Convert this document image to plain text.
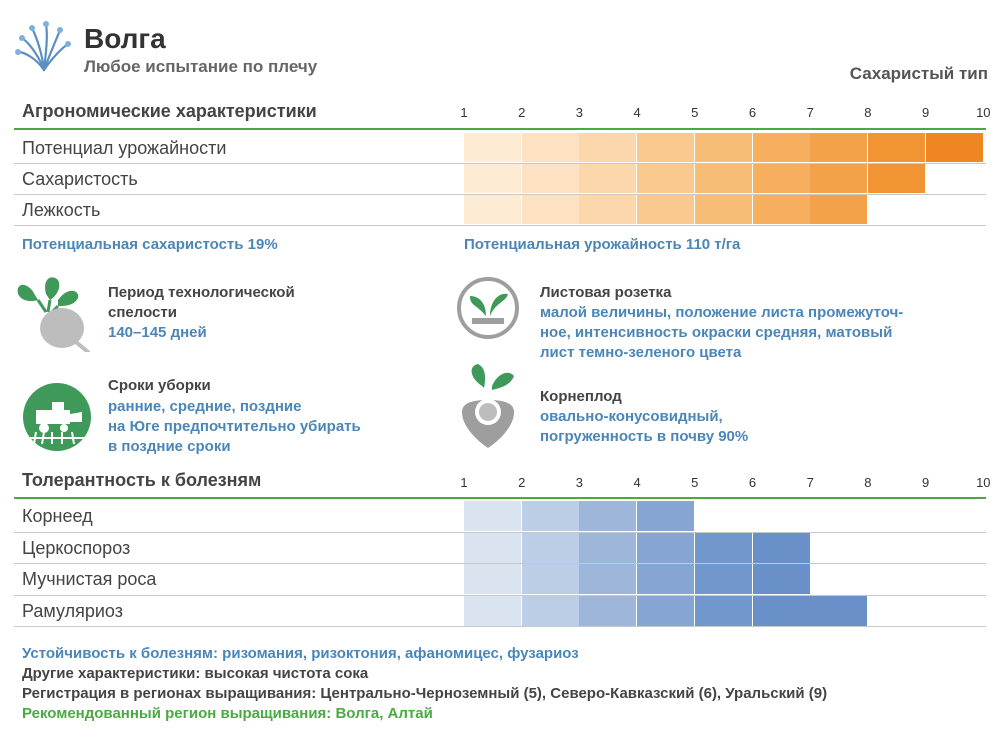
Волга
Любое испытание по плечу	Сахаристый тип
Агрономические характеристики	1	2	3	4	5	6	7	8	9	10
Потенциал урожайности
Сахаристость
Лежкость
Потенциальная сахаристость 19%	Потенциальная урожайность 110 т/га
Период технологической
спелости
140–145 дней
Сроки уборки
ранние, средние, поздние
на Юге предпочтительно убирать
в поздние сроки
Листовая розетка
малой величины, положение листа промежуточ-
ное, интенсивность окраски средняя, матовый
лист темно-зеленого цвета
Корнеплод
овально-конусовидный,
погруженность в почву 90%
Толерантность к болезням	1	2	3	4	5	6	7	8	9	10
Корнеед
Церкоспороз
Мучнистая роса
Рамуляриоз
Устойчивость к болезням: ризомания, ризоктония, афаномицес, фузариоз
Другие характеристики: высокая чистота сока
Регистрация в регионах выращивания: Центрально-Черноземный (5), Северо-Кавказский (6), Уральский (9)
Рекомендованный регион выращивания: Волга, Алтай
